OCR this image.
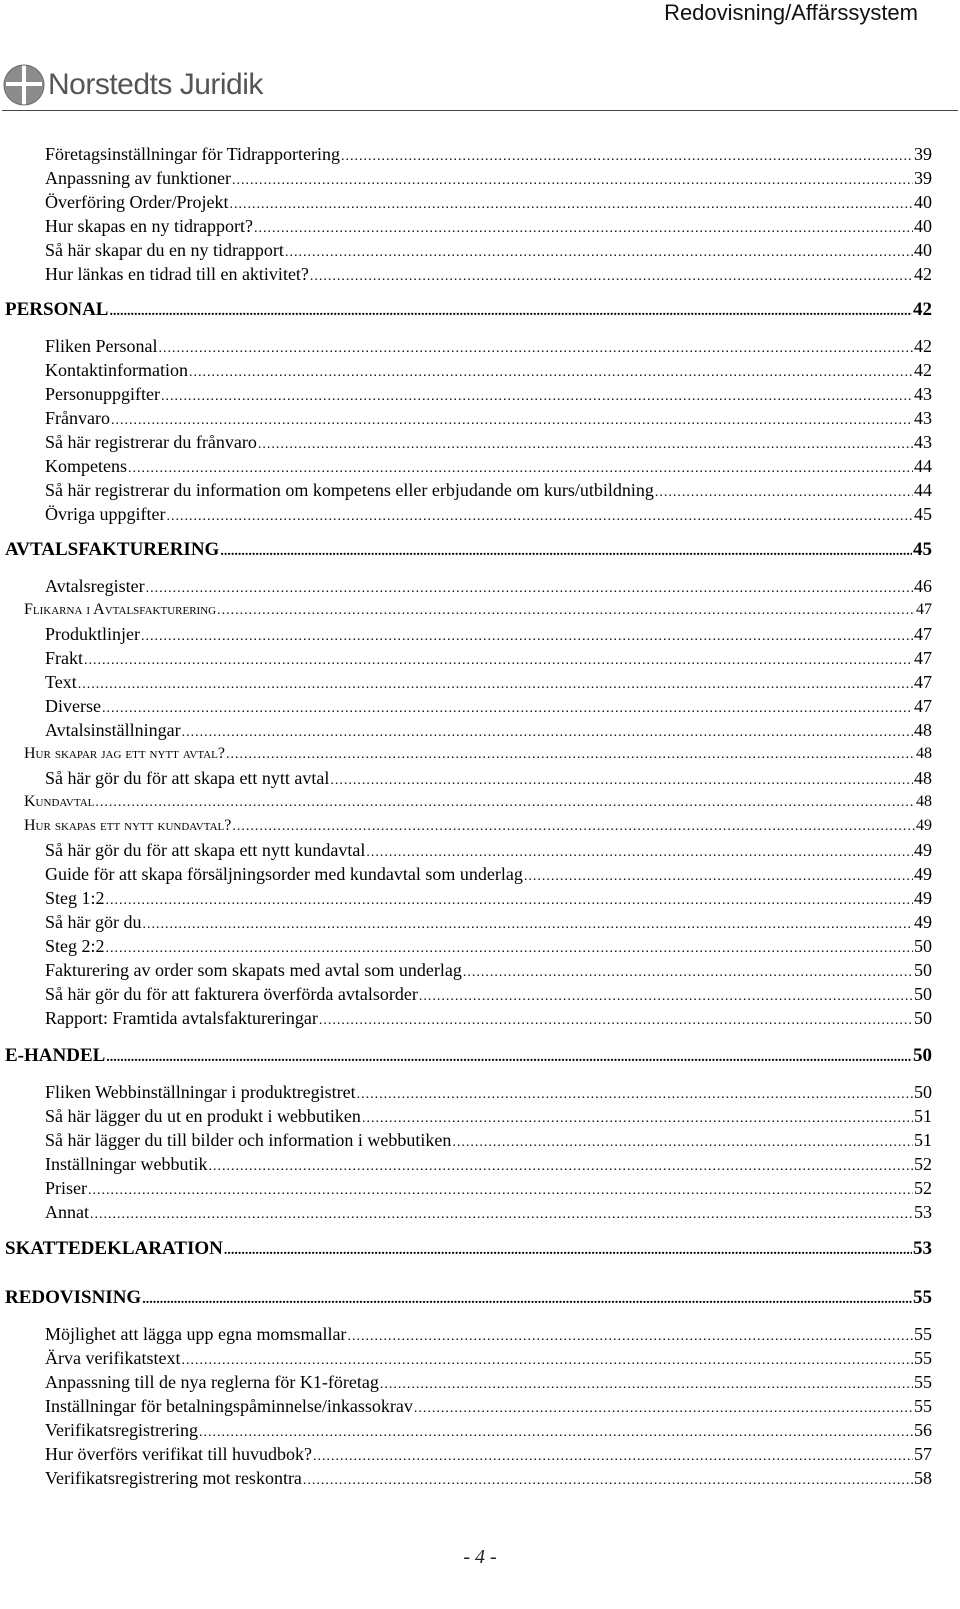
Redovisning/Affärssystem
Norstedts Juridik
Företagsinställningar för Tidrapportering .....	39
Anpassning av funktioner .....	39
Överföring Order/Projekt .....	40
Hur skapas en ny tidrapport? .....	40
Så här skapar du en ny tidrapport .....	40
Hur länkas en tidrad till en aktivitet? .....	42
PERSONAL .....	42
Fliken Personal .....	42
Kontaktinformation .....	42
Personuppgifter .....	43
Frånvaro .....	43
Så här registrerar du frånvaro .....	43
Kompetens .....	44
Så här registrerar du information om kompetens eller erbjudande om kurs/utbildning .....	44
Övriga uppgifter .....	45
AVTALSFAKTURERING .....	45
Avtalsregister .....	46
Flikarna i Avtalsfakturering .....	47
Produktlinjer .....	47
Frakt .....	47
Text .....	47
Diverse .....	47
Avtalsinställningar .....	48
Hur skapar jag ett nytt avtal? .....	48
Så här gör du för att skapa ett nytt avtal .....	48
Kundavtal .....	48
Hur skapas ett nytt kundavtal? .....	49
Så här gör du för att skapa ett nytt kundavtal .....	49
Guide för att skapa försäljningsorder med kundavtal som underlag .....	49
Steg 1:2 .....	49
Så här gör du .....	49
Steg 2:2 .....	50
Fakturering av order som skapats med avtal som underlag .....	50
Så här gör du för att fakturera överförda avtalsorder .....	50
Rapport: Framtida avtalsfaktureringar .....	50
E-HANDEL .....	50
Fliken Webbinställningar i produktregistret .....	50
Så här lägger du ut en produkt i webbutiken .....	51
Så här lägger du till bilder och information i webbutiken .....	51
Inställningar webbutik .....	52
Priser .....	52
Annat .....	53
SKATTEDEKLARATION .....	53
REDOVISNING .....	55
Möjlighet att lägga upp egna momsmallar .....	55
Ärva verifikatstext .....	55
Anpassning till de nya reglerna för K1-företag .....	55
Inställningar för betalningspåminnelse/inkassokrav .....	55
Verifikatsregistrering .....	56
Hur överförs verifikat till huvudbok? .....	57
Verifikatsregistrering mot reskontra .....	58
- 4 -
